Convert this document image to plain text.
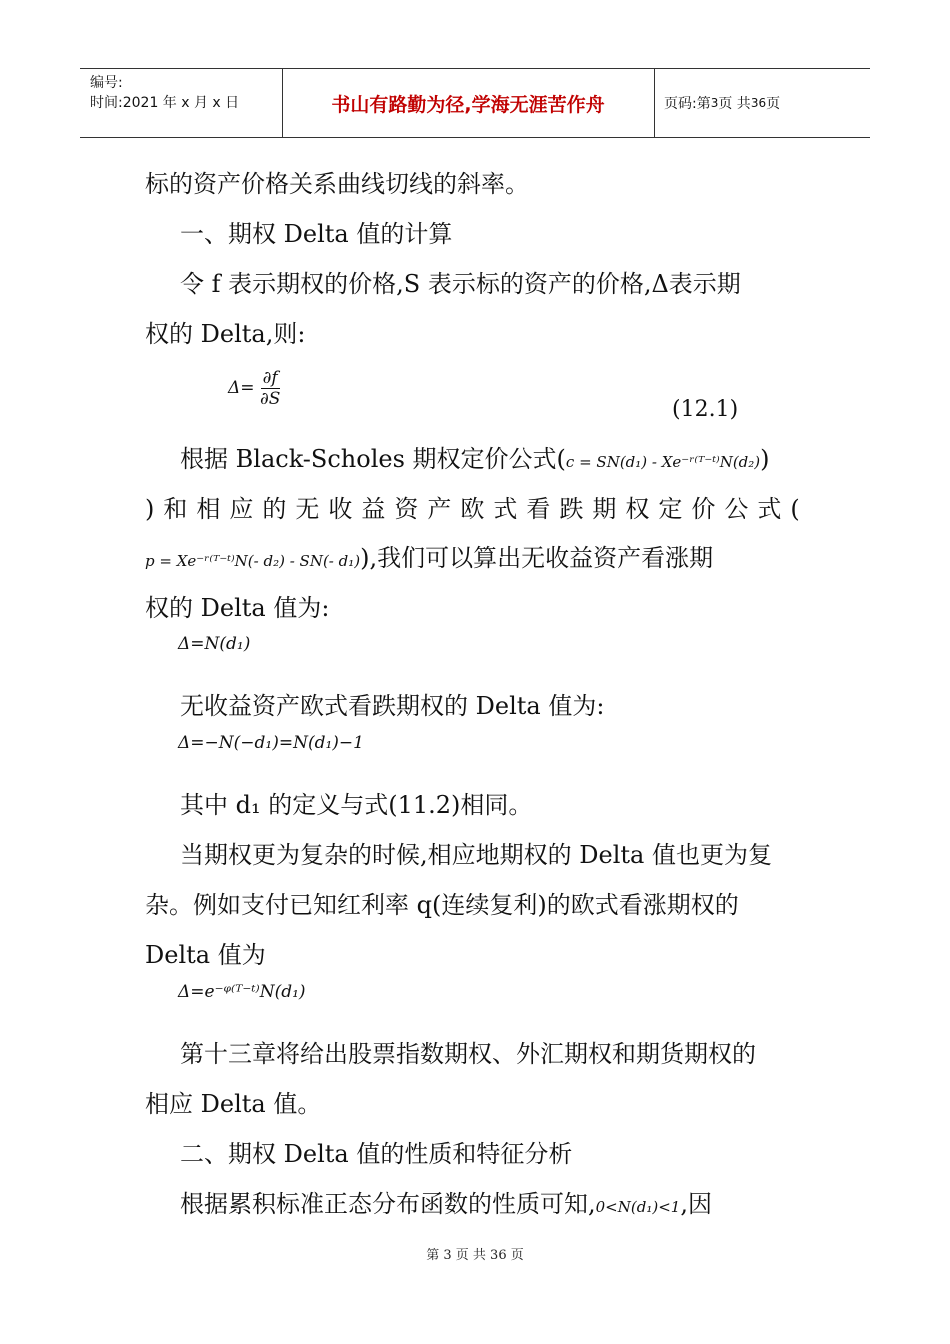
编号:
时间:2021 年 x 月 x 日	书山有路勤为径,学海无涯苦作舟	页码:第 3 页 共 36 页
标的资产价格关系曲线切线的斜率。
一、期权 Delta 值的计算
令 f 表示期权的价格,S 表示标的资产的价格,Δ表示期
权的 Delta,则:
$\Delta= \frac{\partial f}{\partial S}$
(12.1)
根据 Black-Scholes 期权定价公式(c = SN(d₁) - Xe⁻ʳ⁽ᵀ⁻ᵗ⁾N(d₂))
)和相应的无收益资产欧式看跌期权定价公式(
p = Xe⁻ʳ⁽ᵀ⁻ᵗ⁾N(- d₂) - SN(- d₁)),我们可以算出无收益资产看涨期
权的 Delta 值为:
Δ=N(d₁)
无收益资产欧式看跌期权的 Delta 值为:
Δ=−N(−d₁)=N(d₁)−1
其中 d₁ 的定义与式(11.2)相同。
当期权更为复杂的时候,相应地期权的 Delta 值也更为复
杂。例如支付已知红利率 q(连续复利)的欧式看涨期权的
Delta 值为
Δ=e⁻ᵠ⁽ᵀ⁻ᵗ⁾N(d₁)
第十三章将给出股票指数期权、外汇期权和期货期权的
相应 Delta 值。
二、期权 Delta 值的性质和特征分析
根据累积标准正态分布函数的性质可知,0<N(d₁)<1,因
第 3 页 共 36 页
